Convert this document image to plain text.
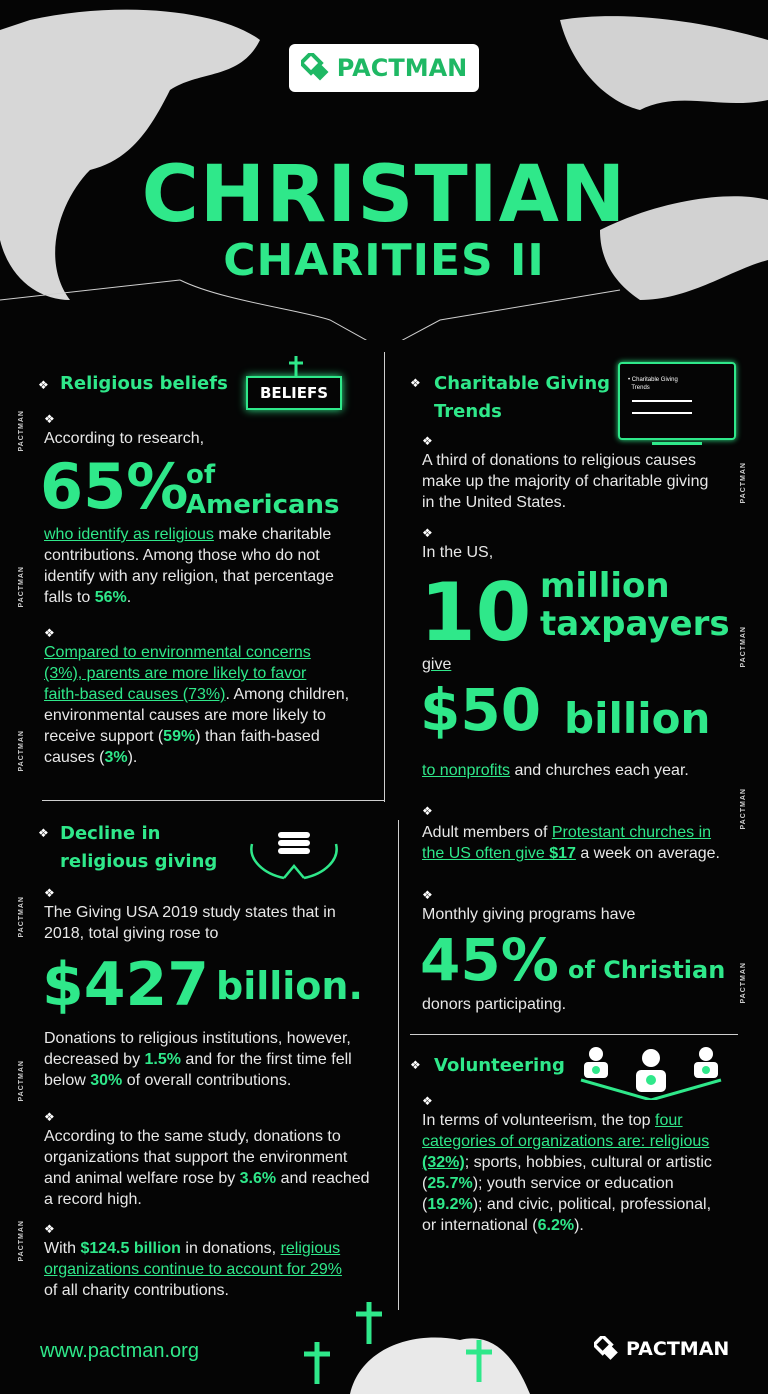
PACTMAN
CHRISTIAN
CHARITIES II
PACTMAN
PACTMAN
PACTMAN
PACTMAN
PACTMAN
PACTMAN
PACTMAN
PACTMAN
PACTMAN
PACTMAN
❖ Religious beliefs	BELIEFS
❖
According to research,
65%
of
Americans
who identify as religious make charitable
contributions. Among those who do not
identify with any religion, that percentage
falls to 56%.
❖
Compared to environmental concerns
(3%), parents are more likely to favor
faith-based causes (73%). Among children,
environmental causes are more likely to
receive support (59%) than faith-based
causes (3%).
❖ Decline in
religious giving
❖
The Giving USA 2019 study states that in
2018, total giving rose to
$427 billion.
Donations to religious institutions, however,
decreased by 1.5% and for the first time fell
below 30% of overall contributions.
❖
According to the same study, donations to
organizations that support the environment
and animal welfare rose by 3.6% and reached
a record high.
❖
With $124.5 billion in donations, religious
organizations continue to account for 29%
of all charity contributions.
❖ Charitable Giving
Trends
• Charitable Giving
Trends
❖
A third of donations to religious causes
make up the majority of charitable giving
in the United States.
❖
In the US,
10 million
taxpayers
give
$50 billion
to nonprofits and churches each year.
❖
Adult members of Protestant churches in
the US often give $17 a week on average.
❖
Monthly giving programs have
45% of Christian
donors participating.
❖ Volunteering
❖
In terms of volunteerism, the top four
categories of organizations are: religious
(32%); sports, hobbies, cultural or artistic
(25.7%); youth service or education
(19.2%); and civic, political, professional,
or international (6.2%).
www.pactman.org	PACTMAN
